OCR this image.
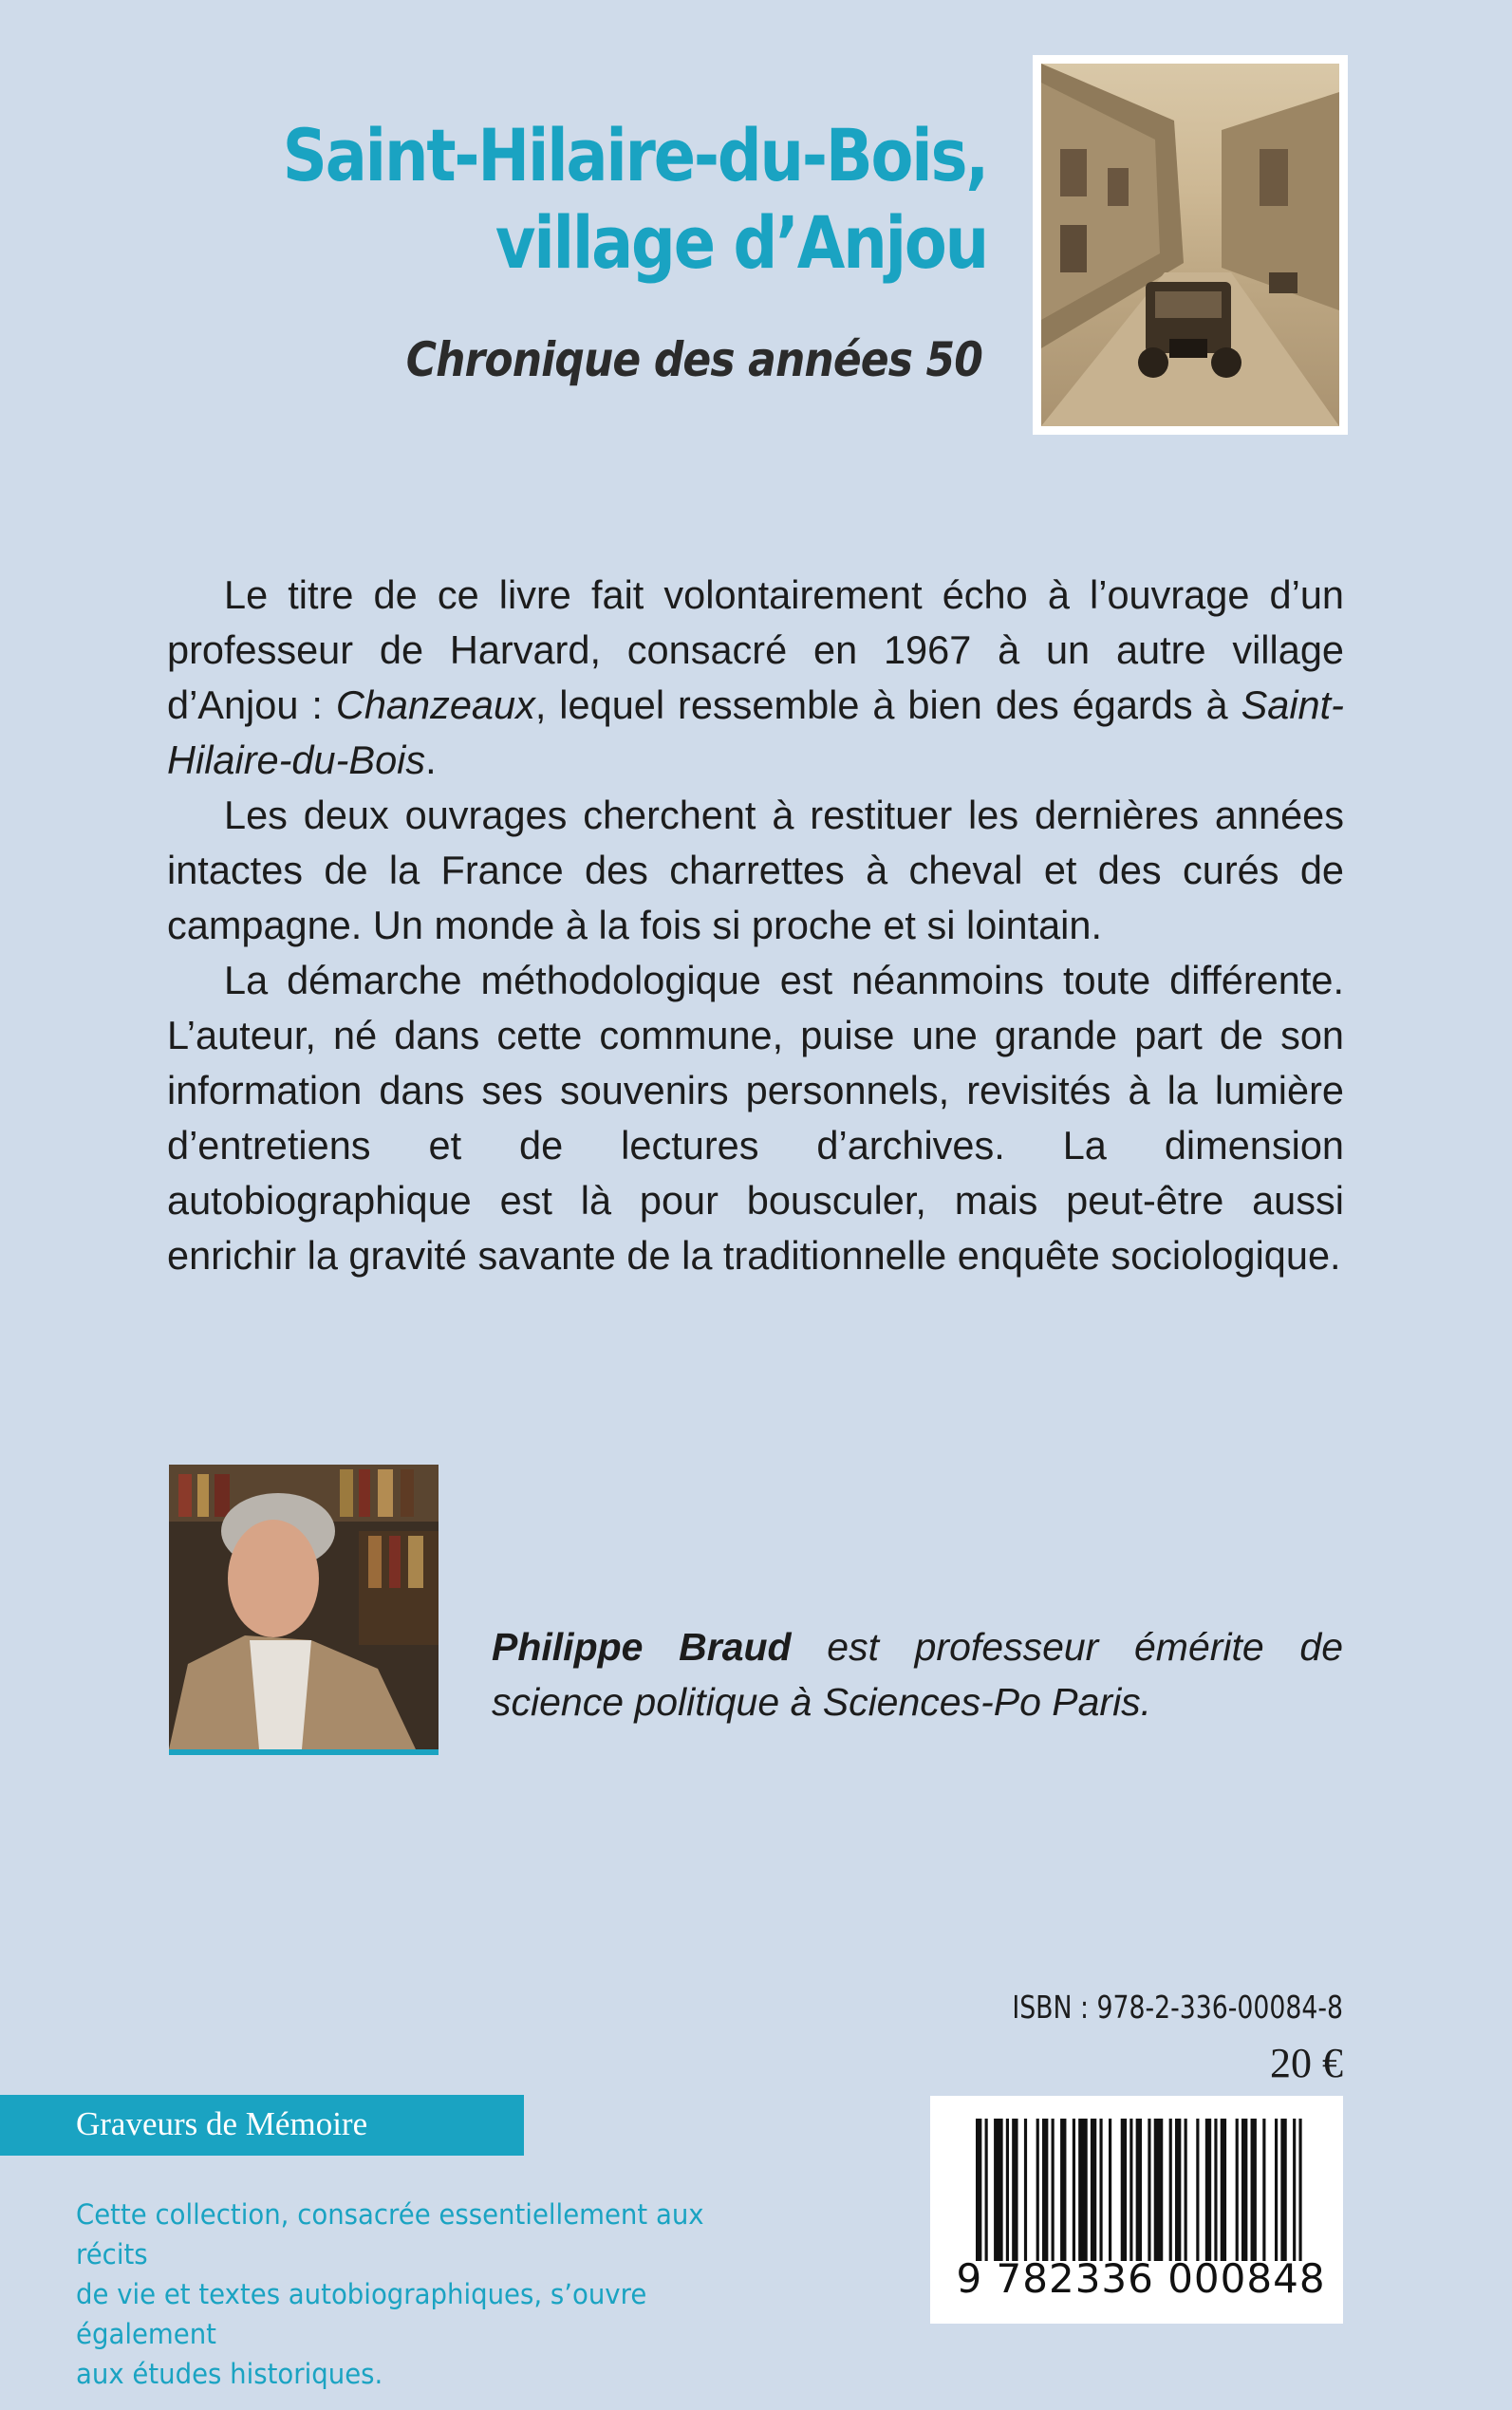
Saint-Hilaire-du-Bois,
village d’Anjou
Chronique des années 50

Le titre de ce livre fait volontairement écho à l’ouvrage d’un professeur de Harvard, consacré en 1967 à un autre village d’Anjou : Chanzeaux, lequel ressemble à bien des égards à Saint-Hilaire-du-Bois.

Les deux ouvrages cherchent à restituer les dernières années intactes de la France des charrettes à cheval et des curés de campagne. Un monde à la fois si proche et si lointain.

La démarche méthodologique est néanmoins toute différente. L’auteur, né dans cette commune, puise une grande part de son information dans ses souvenirs personnels, revisités à la lumière d’entretiens et de lectures d’archives. La dimension autobiographique est là pour bousculer, mais peut-être aussi enrichir la gravité savante de la traditionnelle enquête sociologique.

Philippe Braud est professeur émérite de science politique à Sciences-Po Paris.
ISBN : 978-2-336-00084-8
20 €
9 782336 000848
Graveurs de Mémoire
Cette collection, consacrée essentiellement aux récits
de vie et textes autobiographiques, s’ouvre également
aux études historiques.
